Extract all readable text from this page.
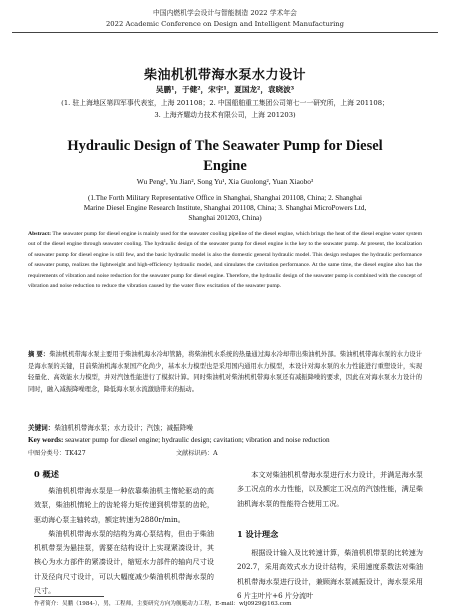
中国内燃机学会设计与智能制造 2022 学术年会
2022 Academic Conference on Design and Intelligent Manufacturing
柴油机机带海水泵水力设计
吴鹏¹，于健²，宋宇¹，夏国龙²，袁晓波³
(1. 驻上海地区第四军事代表室，上海 201108；2. 中国船舶重工集团公司第七一一研究所，上海 201108；
3. 上海齐耀动力技术有限公司，上海 201203)
Hydraulic Design of The Seawater Pump for Diesel
Engine
Wu Peng¹, Yu Jian², Song Yu¹, Xia Guolong², Yuan Xiaobo³
(1.The Forth Military Representative Office in Shanghai, Shanghai 201108, China; 2. Shanghai
Marine Diesel Engine Research Institute, Shanghai 201108, China; 3. Shanghai MicroPowers Ltd,
Shanghai 201203, China)
Abstract: The seawater pump for diesel engine is mainly used for the seawater cooling pipeline of the diesel engine, which brings the heat of the diesel engine water system out of the diesel engine through seawater cooling. The hydraulic design of the seawater pump for diesel engine is the key to the seawater pump. At present, the localization of seawater pump for diesel engine is still few, and the basic hydraulic model is also the domestic general hydraulic model. This design reshapes the hydraulic performance of seawater pump, realizes the lightweight and high-efficiency hydraulic model, and simulates the cavitation performance. At the same time, the diesel engine also has the requirements of vibration and noise reduction for the seawater pump for diesel engine. Therefore, the hydraulic design of the seawater pump is combined with the concept of vibration and noise reduction to reduce the vibration caused by the water flow excitation of the seawater pump.
摘 要：柴油机机带海水泵主要用于柴油机海水冷却管路，将柴油机水系统的热量通过海水冷却带出柴油机外部。柴油机机带海水泵的水力设计是海水泵的关键，目前柴油机海水泵国产化尚少，基本水力模型也是采用国内通用水力模型，本设计对海水泵的水力性能进行重塑设计，实现轻量化、高效能水力模型，并对汽蚀性能进行了模拟计算。同时柴油机对柴油机机带海水泵还有减振降噪的要求，因此在对海水泵水力设计的同时，融入减振降噪理念，降低海水泵水流激励带来的振动。
关键词：柴油机机带海水泵；水力设计；汽蚀；减振降噪
Key words: seawater pump for diesel engine; hydraulic design; cavitation; vibration and noise reduction
中图分类号：TK427	文献标识码：A
0 概述

柴油机机带海水泵是一种依靠柴油机主惰轮驱动的高效泵，柴油机惰轮上的齿轮将力矩传递到机带泵的齿轮，驱动海心泵主轴转动，额定转速为2880r/min。

柴油机机带海水泵的结构为离心泵结构，但由于柴油机机带泵为悬挂泵，需要在结构设计上实现紧凑设计，其核心为水力部件的紧凑设计，缩短水力部件的轴向尺寸设计及径向尺寸设计，可以大幅度减少柴油机机带海水泵的尺寸。

本文对柴油机机带海水泵进行水力设计，并满足海水泵多工况点的水力性能，以及额定工况点的汽蚀性能，满足柴油机海水泵的性能符合使用工况。

1 设计理念

根据设计输入及比转速计算，柴油机机带泵的比转速为 202.7，采用高效式水力设计结构，采用速度系数法对柴油机机带海水泵进行设计，兼顾海水泵减振设计，海水泵采用 6 片主叶片+6 片分流叶

作者简介：吴鹏（1984-），男，工程师，主要研究方向为舰艇动力工程，E-mail：wlj0929@163.com
